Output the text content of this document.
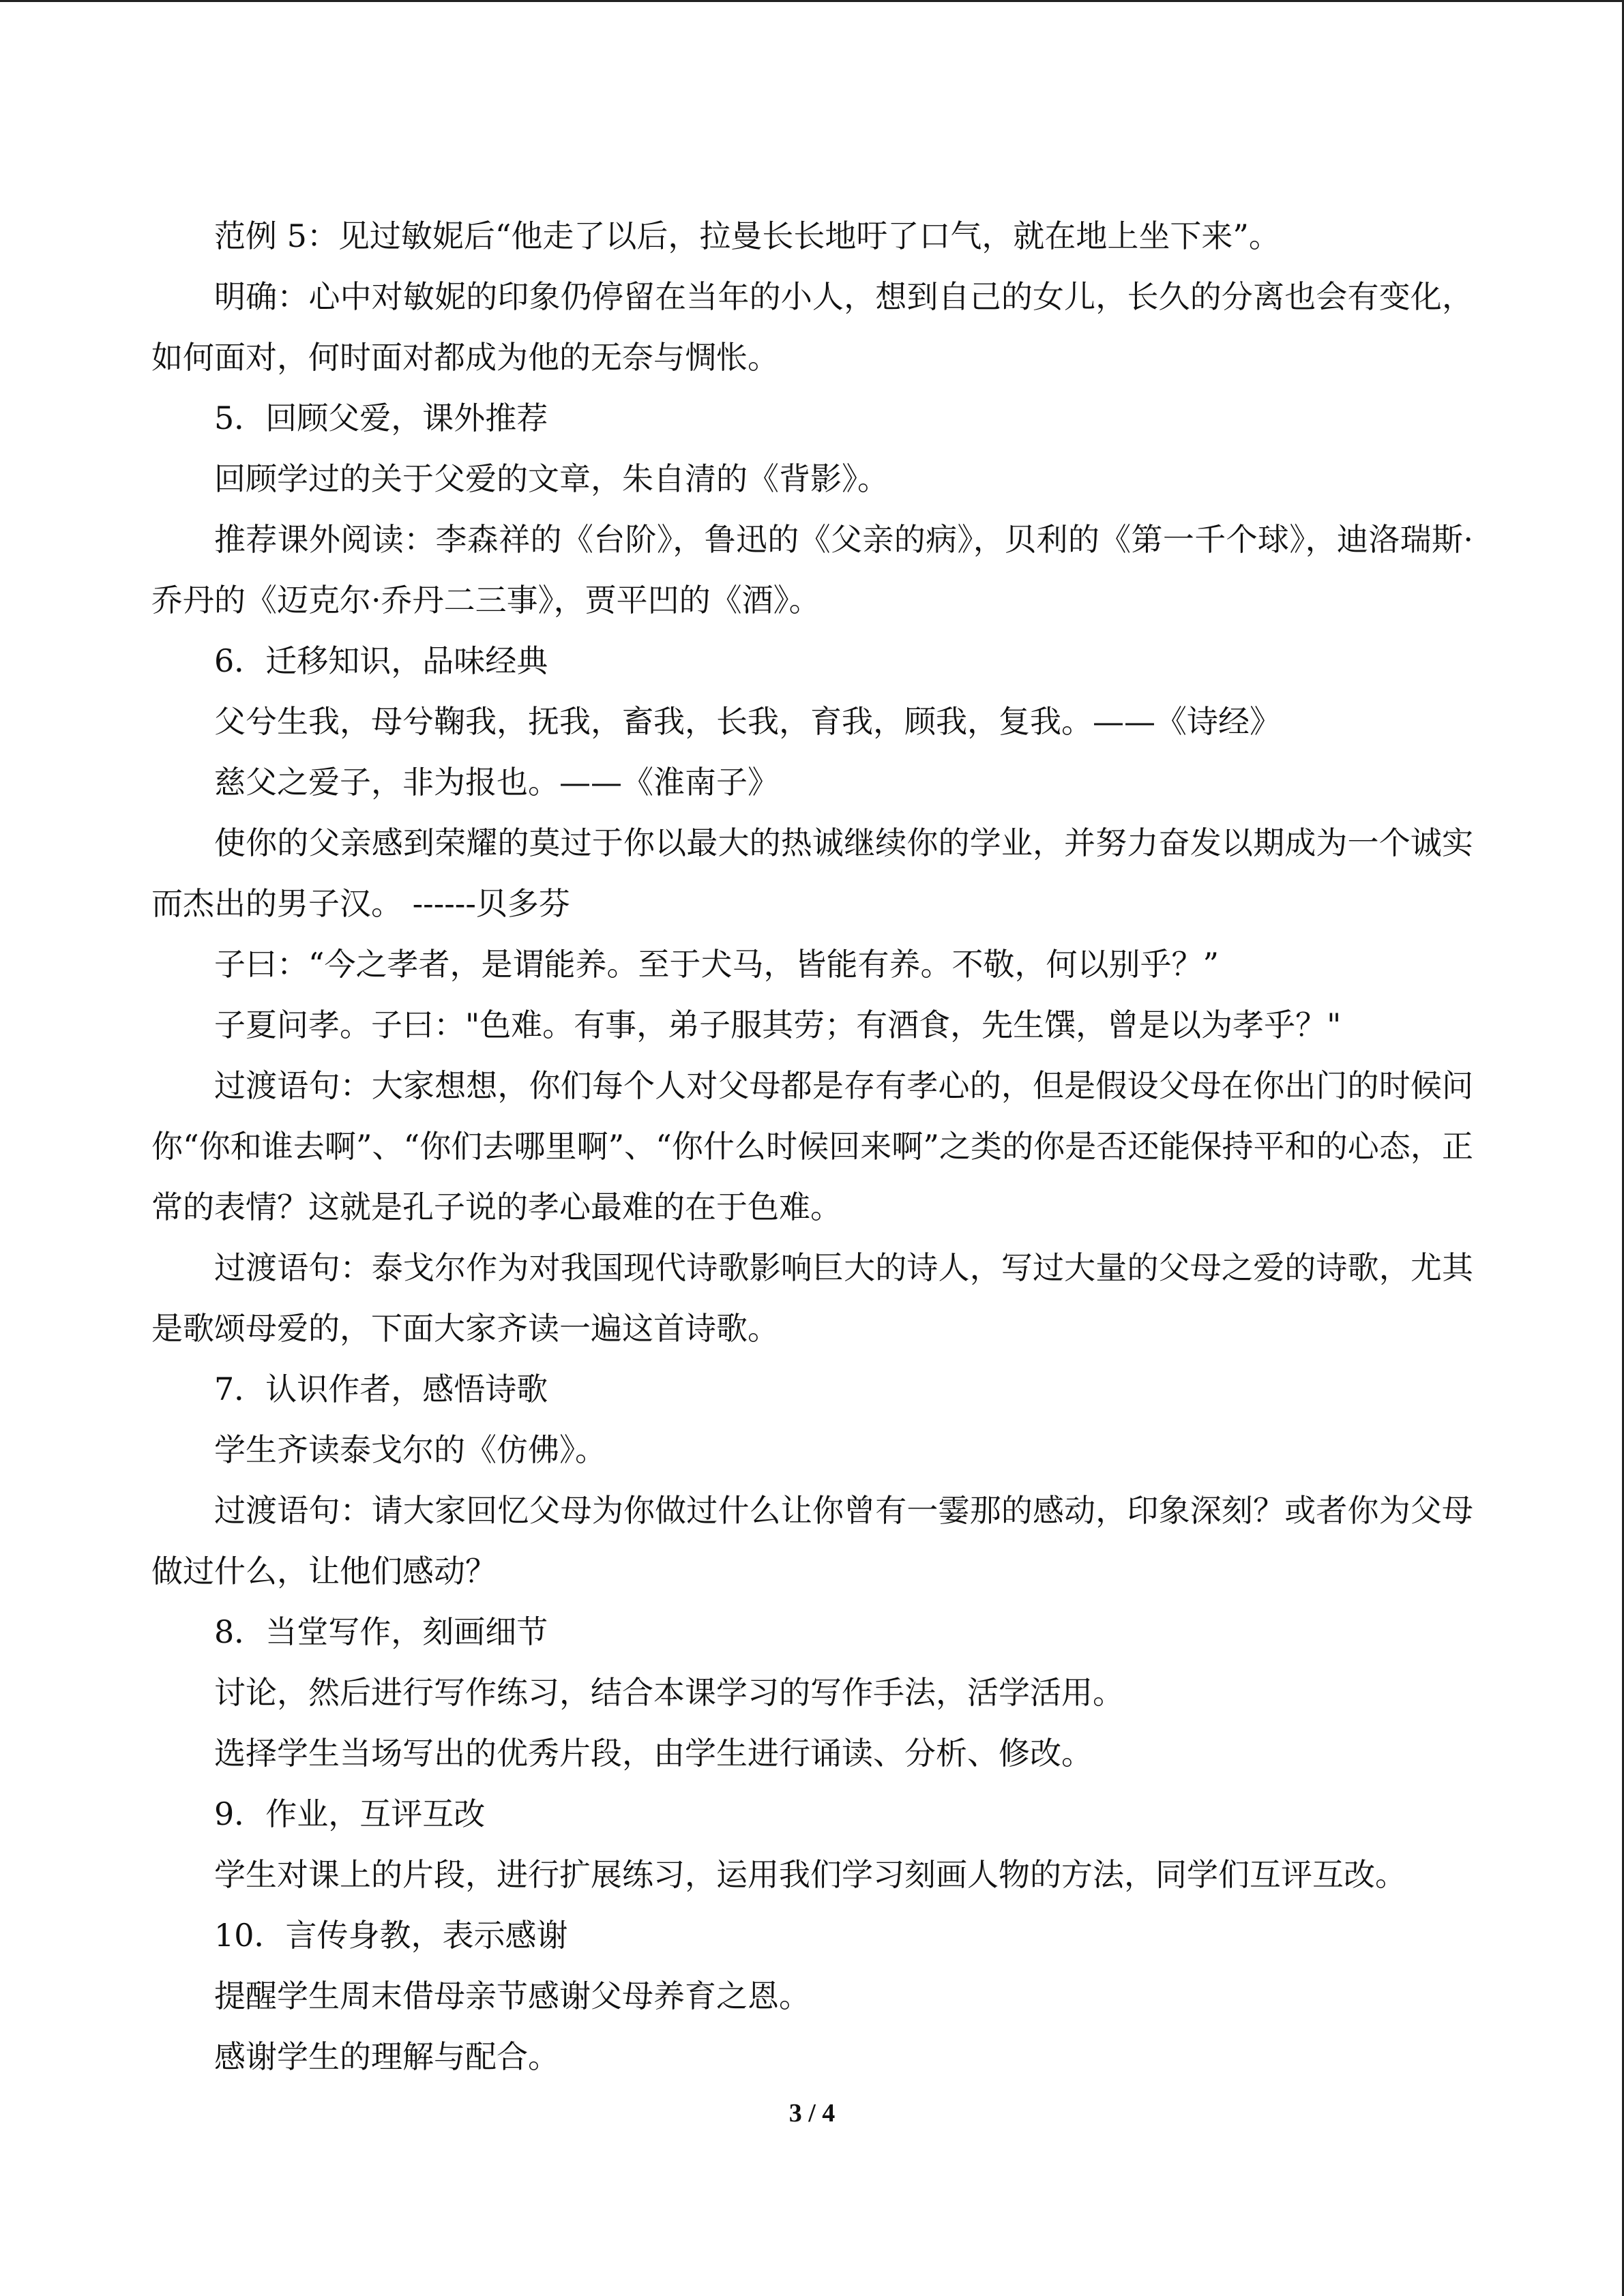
范例 5：见过敏妮后“他走了以后，拉曼长长地吁了口气，就在地上坐下来”。

明确：心中对敏妮的印象仍停留在当年的小人，想到自己的女儿，长久的分离也会有变化，如何面对，何时面对都成为他的无奈与惆怅。

5．回顾父爱，课外推荐

回顾学过的关于父爱的文章，朱自清的《背影》。

推荐课外阅读：李森祥的《台阶》，鲁迅的《父亲的病》，贝利的《第一千个球》，迪洛瑞斯·乔丹的《迈克尔·乔丹二三事》，贾平凹的《酒》。

6．迁移知识，品味经典

父兮生我，母兮鞠我，抚我，畜我，长我，育我，顾我，复我。——《诗经》

慈父之爱子，非为报也。——《淮南子》

使你的父亲感到荣耀的莫过于你以最大的热诚继续你的学业，并努力奋发以期成为一个诚实而杰出的男子汉。 ------贝多芬

子曰：“今之孝者，是谓能养。至于犬马，皆能有养。不敬，何以别乎？”

子夏问孝。子曰："色难。有事，弟子服其劳；有酒食，先生馔，曾是以为孝乎？"

过渡语句：大家想想，你们每个人对父母都是存有孝心的，但是假设父母在你出门的时候问你“你和谁去啊”、“你们去哪里啊”、“你什么时候回来啊”之类的你是否还能保持平和的心态，正常的表情？这就是孔子说的孝心最难的在于色难。

过渡语句：泰戈尔作为对我国现代诗歌影响巨大的诗人，写过大量的父母之爱的诗歌，尤其是歌颂母爱的，下面大家齐读一遍这首诗歌。

7．认识作者，感悟诗歌

学生齐读泰戈尔的《仿佛》。

过渡语句：请大家回忆父母为你做过什么让你曾有一霎那的感动，印象深刻？或者你为父母做过什么，让他们感动？

8．当堂写作，刻画细节

讨论，然后进行写作练习，结合本课学习的写作手法，活学活用。

选择学生当场写出的优秀片段，由学生进行诵读、分析、修改。

9．作业，互评互改

学生对课上的片段，进行扩展练习，运用我们学习刻画人物的方法，同学们互评互改。

10．言传身教，表示感谢

提醒学生周末借母亲节感谢父母养育之恩。

感谢学生的理解与配合。

3 / 4
